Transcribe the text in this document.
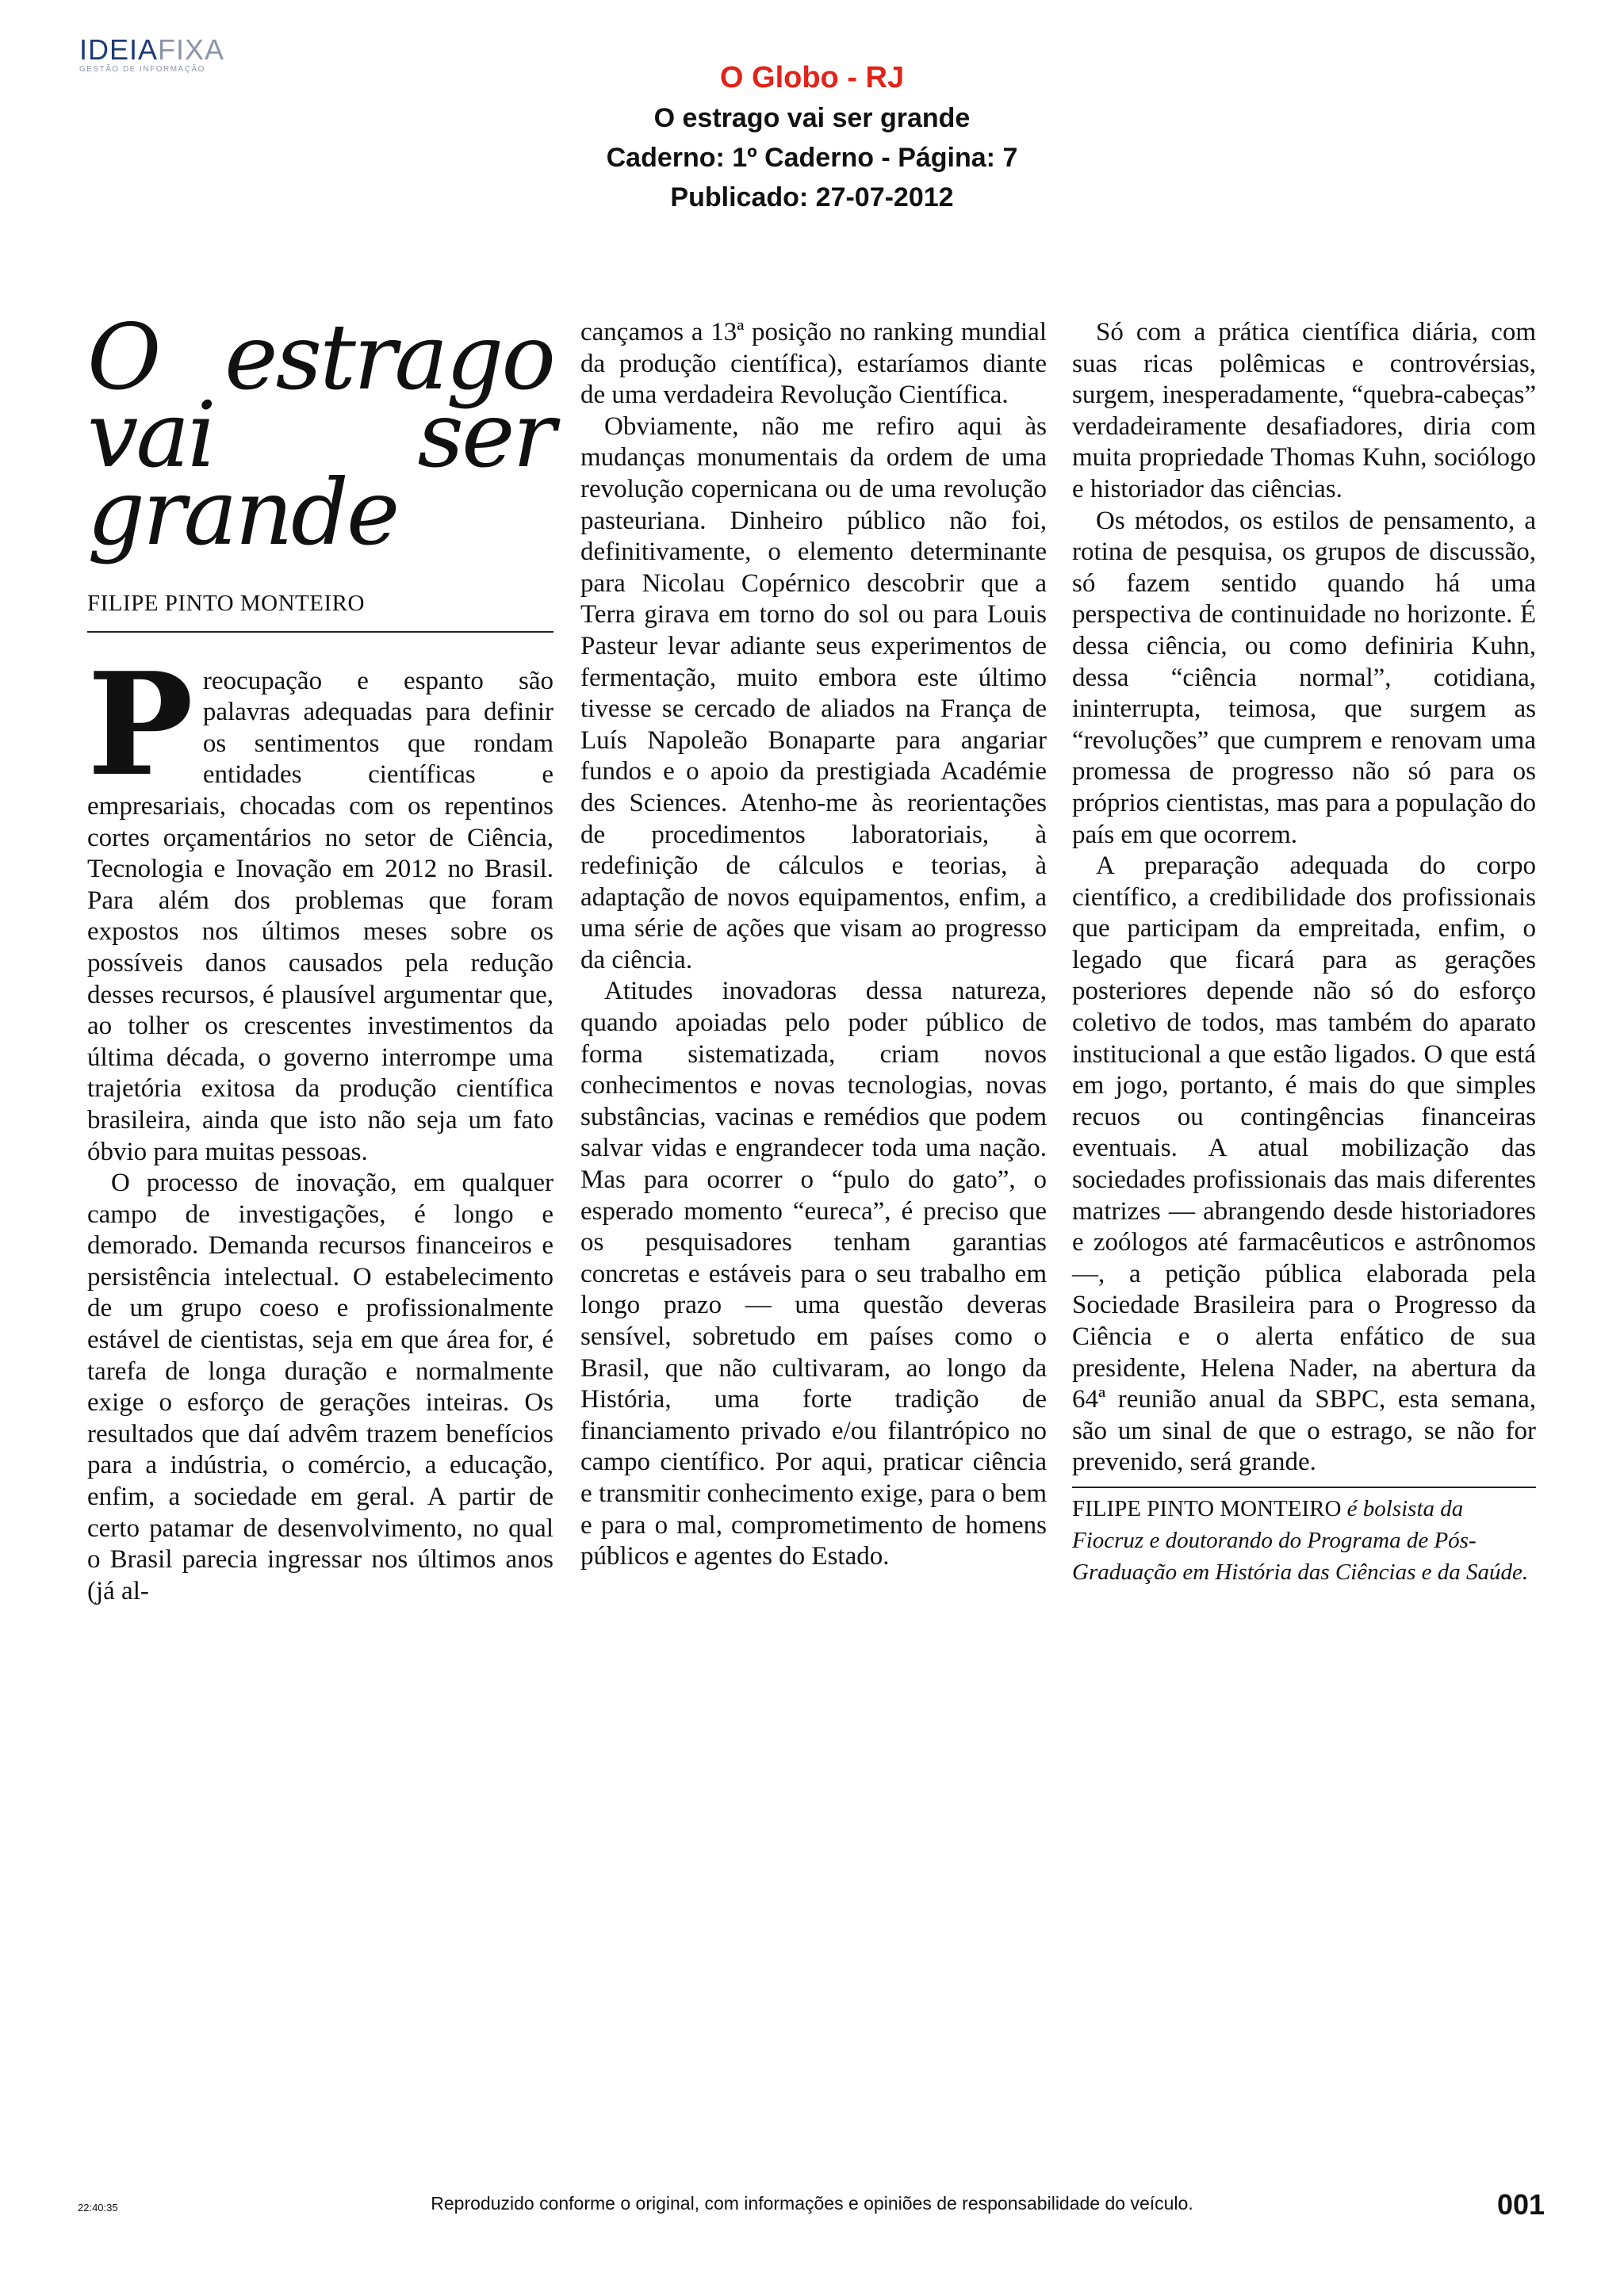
IDEIAFIXA
GESTÃO DE INFORMAÇÃO	O Globo - RJ
O estrago vai ser grande
Caderno: 1º Caderno - Página: 7
Publicado: 27-07-2012
O estrago vai ser grande
FILIPE PINTO MONTEIRO

Preocupação e espanto são palavras adequadas para definir os sentimentos que rondam entidades científicas e empresariais, chocadas com os repentinos cortes orçamentários no setor de Ciência, Tecnologia e Inovação em 2012 no Brasil. Para além dos problemas que foram expostos nos últimos meses sobre os possíveis danos causados pela redução desses recursos, é plausível argumentar que, ao tolher os crescentes investimentos da última década, o governo interrompe uma trajetória exitosa da produção científica brasileira, ainda que isto não seja um fato óbvio para muitas pessoas.

O processo de inovação, em qualquer campo de investigações, é longo e demorado. Demanda recursos financeiros e persistência intelectual. O estabelecimento de um grupo coeso e profissionalmente estável de cientistas, seja em que área for, é tarefa de longa duração e normalmente exige o esforço de gerações inteiras. Os resultados que daí advêm trazem benefícios para a indústria, o comércio, a educação, enfim, a sociedade em geral. A partir de certo patamar de desenvolvimento, no qual o Brasil parecia ingressar nos últimos anos (já al-

cançamos a 13ª posição no ranking mundial da produção científica), estaríamos diante de uma verdadeira Revolução Científica.

Obviamente, não me refiro aqui às mudanças monumentais da ordem de uma revolução copernicana ou de uma revolução pasteuriana. Dinheiro público não foi, definitivamente, o elemento determinante para Nicolau Copérnico descobrir que a Terra girava em torno do sol ou para Louis Pasteur levar adiante seus experimentos de fermentação, muito embora este último tivesse se cercado de aliados na França de Luís Napoleão Bonaparte para angariar fundos e o apoio da prestigiada Académie des Sciences. Atenho-me às reorientações de procedimentos laboratoriais, à redefinição de cálculos e teorias, à adaptação de novos equipamentos, enfim, a uma série de ações que visam ao progresso da ciência.

Atitudes inovadoras dessa natureza, quando apoiadas pelo poder público de forma sistematizada, criam novos conhecimentos e novas tecnologias, novas substâncias, vacinas e remédios que podem salvar vidas e engrandecer toda uma nação. Mas para ocorrer o “pulo do gato”, o esperado momento “eureca”, é preciso que os pesquisadores tenham garantias concretas e estáveis para o seu trabalho em longo prazo — uma questão deveras sensível, sobretudo em países como o Brasil, que não cultivaram, ao longo da História, uma forte tradição de financiamento privado e/ou filantrópico no campo científico. Por aqui, praticar ciência e transmitir conhecimento exige, para o bem e para o mal, comprometimento de homens públicos e agentes do Estado.

Só com a prática científica diária, com suas ricas polêmicas e controvérsias, surgem, inesperadamente, “quebra-cabeças” verdadeiramente desafiadores, diria com muita propriedade Thomas Kuhn, sociólogo e historiador das ciências.

Os métodos, os estilos de pensamento, a rotina de pesquisa, os grupos de discussão, só fazem sentido quando há uma perspectiva de continuidade no horizonte. É dessa ciência, ou como definiria Kuhn, dessa “ciência normal”, cotidiana, ininterrupta, teimosa, que surgem as “revoluções” que cumprem e renovam uma promessa de progresso não só para os próprios cientistas, mas para a população do país em que ocorrem.

A preparação adequada do corpo científico, a credibilidade dos profissionais que participam da empreitada, enfim, o legado que ficará para as gerações posteriores depende não só do esforço coletivo de todos, mas também do aparato institucional a que estão ligados. O que está em jogo, portanto, é mais do que simples recuos ou contingências financeiras eventuais. A atual mobilização das sociedades profissionais das mais diferentes matrizes — abrangendo desde historiadores e zoólogos até farmacêuticos e astrônomos —, a petição pública elaborada pela Sociedade Brasileira para o Progresso da Ciência e o alerta enfático de sua presidente, Helena Nader, na abertura da 64ª reunião anual da SBPC, esta semana, são um sinal de que o estrago, se não for prevenido, será grande.

FILIPE PINTO MONTEIRO é bolsista da Fiocruz e doutorando do Programa de Pós-Graduação em História das Ciências e da Saúde.
22:40:35	Reproduzido conforme o original, com informações e opiniões de responsabilidade do veículo.	001
